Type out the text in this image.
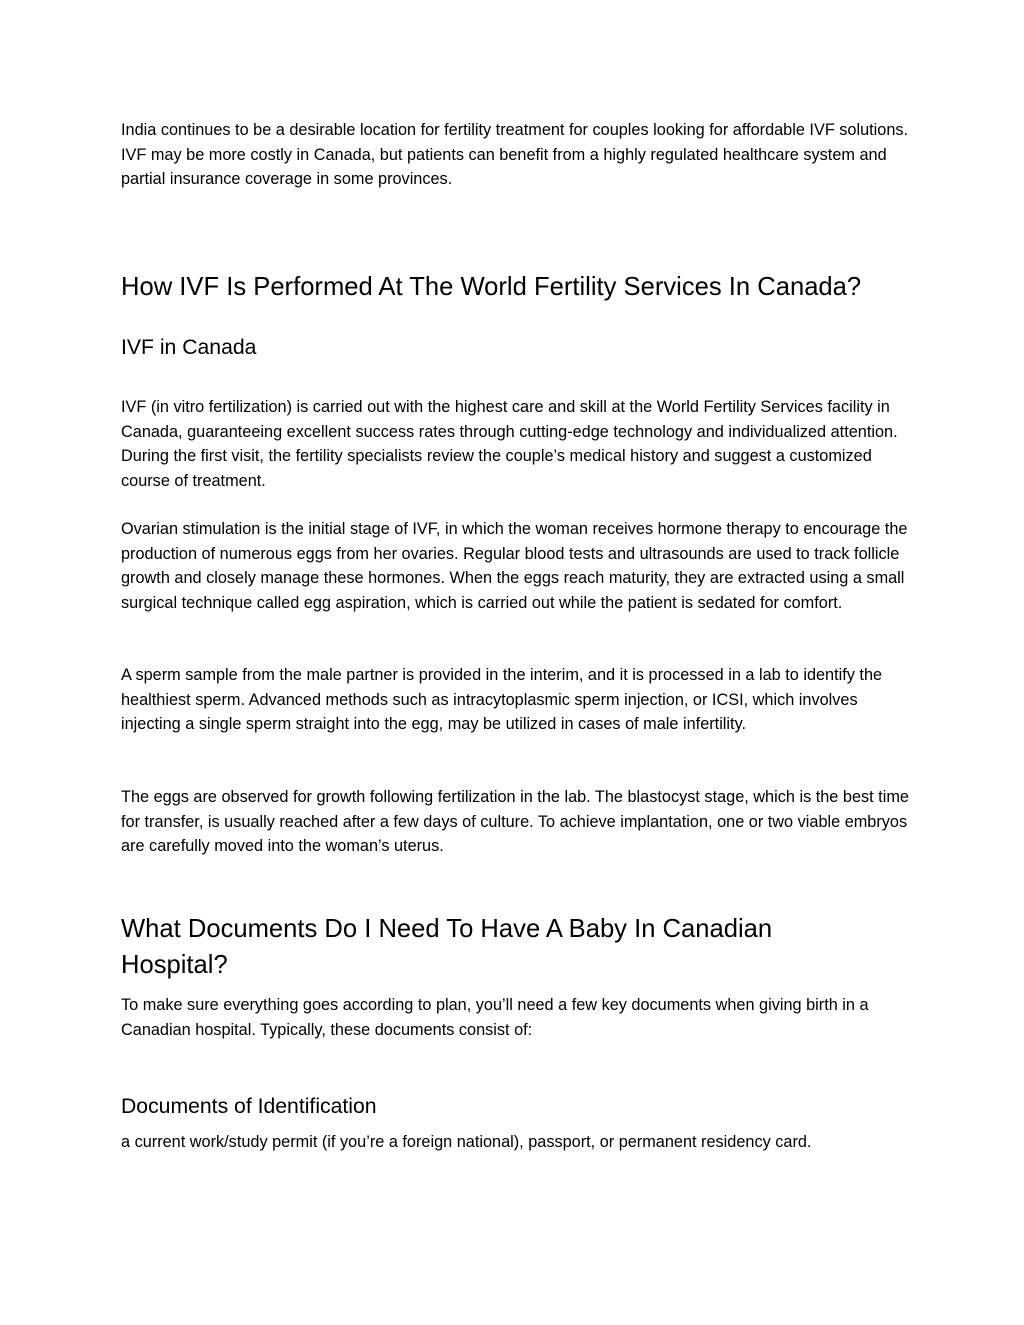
India continues to be a desirable location for fertility treatment for couples looking for affordable IVF solutions. IVF may be more costly in Canada, but patients can benefit from a highly regulated healthcare system and partial insurance coverage in some provinces.

How IVF Is Performed At The World Fertility Services In Canada?
IVF in Canada

IVF (in vitro fertilization) is carried out with the highest care and skill at the World Fertility Services facility in Canada, guaranteeing excellent success rates through cutting-edge technology and individualized attention. During the first visit, the fertility specialists review the couple’s medical history and suggest a customized course of treatment.

Ovarian stimulation is the initial stage of IVF, in which the woman receives hormone therapy to encourage the production of numerous eggs from her ovaries. Regular blood tests and ultrasounds are used to track follicle growth and closely manage these hormones. When the eggs reach maturity, they are extracted using a small surgical technique called egg aspiration, which is carried out while the patient is sedated for comfort.

A sperm sample from the male partner is provided in the interim, and it is processed in a lab to identify the healthiest sperm. Advanced methods such as intracytoplasmic sperm injection, or ICSI, which involves injecting a single sperm straight into the egg, may be utilized in cases of male infertility.

The eggs are observed for growth following fertilization in the lab. The blastocyst stage, which is the best time for transfer, is usually reached after a few days of culture. To achieve implantation, one or two viable embryos are carefully moved into the woman’s uterus.

What Documents Do I Need To Have A Baby In Canadian Hospital?

To make sure everything goes according to plan, you’ll need a few key documents when giving birth in a Canadian hospital. Typically, these documents consist of:

Documents of Identification

a current work/study permit (if you’re a foreign national), passport, or permanent residency card.
